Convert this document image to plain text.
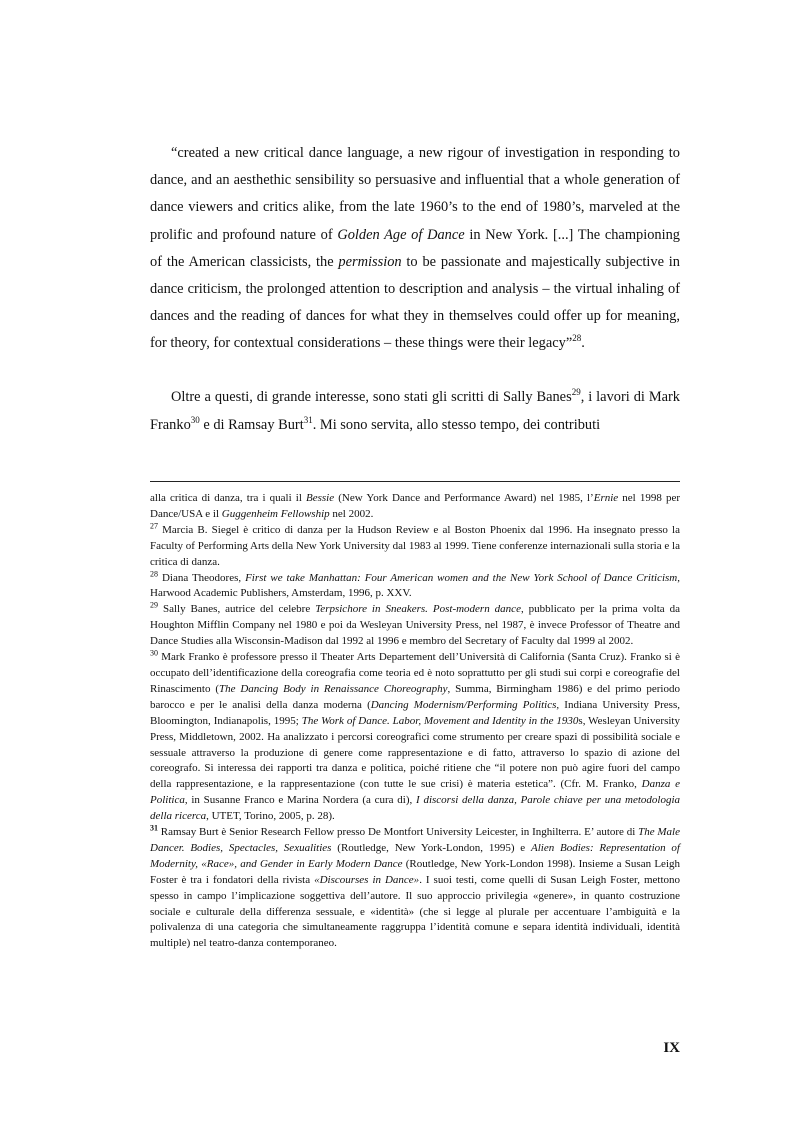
“created a new critical dance language, a new rigour of investigation in responding to dance, and an aesthethic sensibility so persuasive and influential that a whole generation of dance viewers and critics alike, from the late 1960’s to the end of 1980’s, marveled at the prolific and profound nature of Golden Age of Dance in New York. [...] The championing of the American classicists, the permission to be passionate and majestically subjective in dance criticism, the prolonged attention to description and analysis – the virtual inhaling of dances and the reading of dances for what they in themselves could offer up for meaning, for theory, for contextual considerations – these things were their legacy”$^{28}$.

Oltre a questi, di grande interesse, sono stati gli scritti di Sally Banes$^{29}$, i lavori di Mark Franko$^{30}$ e di Ramsay Burt$^{31}$. Mi sono servita, allo stesso tempo, dei contributi

alla critica di danza, tra i quali il Bessie (New York Dance and Performance Award) nel 1985, l’Ernie nel 1998 per Dance/USA e il Guggenheim Fellowship nel 2002.

$^{27}$ Marcia B. Siegel è critico di danza per la Hudson Review e al Boston Phoenix dal 1996. Ha insegnato presso la Faculty of Performing Arts della New York University dal 1983 al 1999. Tiene conferenze internazionali sulla storia e la critica di danza.

$^{28}$ Diana Theodores, First we take Manhattan: Four American women and the New York School of Dance Criticism, Harwood Academic Publishers, Amsterdam, 1996, p. XXV.

$^{29}$ Sally Banes, autrice del celebre Terpsichore in Sneakers. Post-modern dance, pubblicato per la prima volta da Houghton Mifflin Company nel 1980 e poi da Wesleyan University Press, nel 1987, è invece Professor of Theatre and Dance Studies alla Wisconsin-Madison dal 1992 al 1996 e membro del Secretary of Faculty dal 1999 al 2002.

$^{30}$ Mark Franko è professore presso il Theater Arts Departement dell’Università di California (Santa Cruz). Franko si è occupato dell’identificazione della coreografia come teoria ed è noto soprattutto per gli studi sui corpi e coreografie del Rinascimento (The Dancing Body in Renaissance Choreography, Summa, Birmingham 1986) e del primo periodo barocco e per le analisi della danza moderna (Dancing Modernism/Performing Politics, Indiana University Press, Bloomington, Indianapolis, 1995; The Work of Dance. Labor, Movement and Identity in the 1930s, Wesleyan University Press, Middletown, 2002. Ha analizzato i percorsi coreografici come strumento per creare spazi di possibilità sociale e sessuale attraverso la produzione di genere come rappresentazione e di fatto, attraverso lo spazio di azione del coreografo. Si interessa dei rapporti tra danza e politica, poiché ritiene che “il potere non può agire fuori del campo della rappresentazione, e la rappresentazione (con tutte le sue crisi) è materia estetica”. (Cfr. M. Franko, Danza e Politica, in Susanne Franco e Marina Nordera (a cura di), I discorsi della danza, Parole chiave per una metodologia della ricerca, UTET, Torino, 2005, p. 28).

$^{31}$ Ramsay Burt è Senior Research Fellow presso De Montfort University Leicester, in Inghilterra. E’ autore di The Male Dancer. Bodies, Spectacles, Sexualities (Routledge, New York-London, 1995) e Alien Bodies: Representation of Modernity, «Race», and Gender in Early Modern Dance (Routledge, New York-London 1998). Insieme a Susan Leigh Foster è tra i fondatori della rivista «Discourses in Dance». I suoi testi, come quelli di Susan Leigh Foster, mettono spesso in campo l’implicazione soggettiva dell’autore. Il suo approccio privilegia «genere», in quanto costruzione sociale e culturale della differenza sessuale, e «identità» (che si legge al plurale per accentuare l’ambiguità e la polivalenza di una categoria che simultaneamente raggruppa l’identità comune e separa identità individuali, identità multiple) nel teatro-danza contemporaneo.

IX
